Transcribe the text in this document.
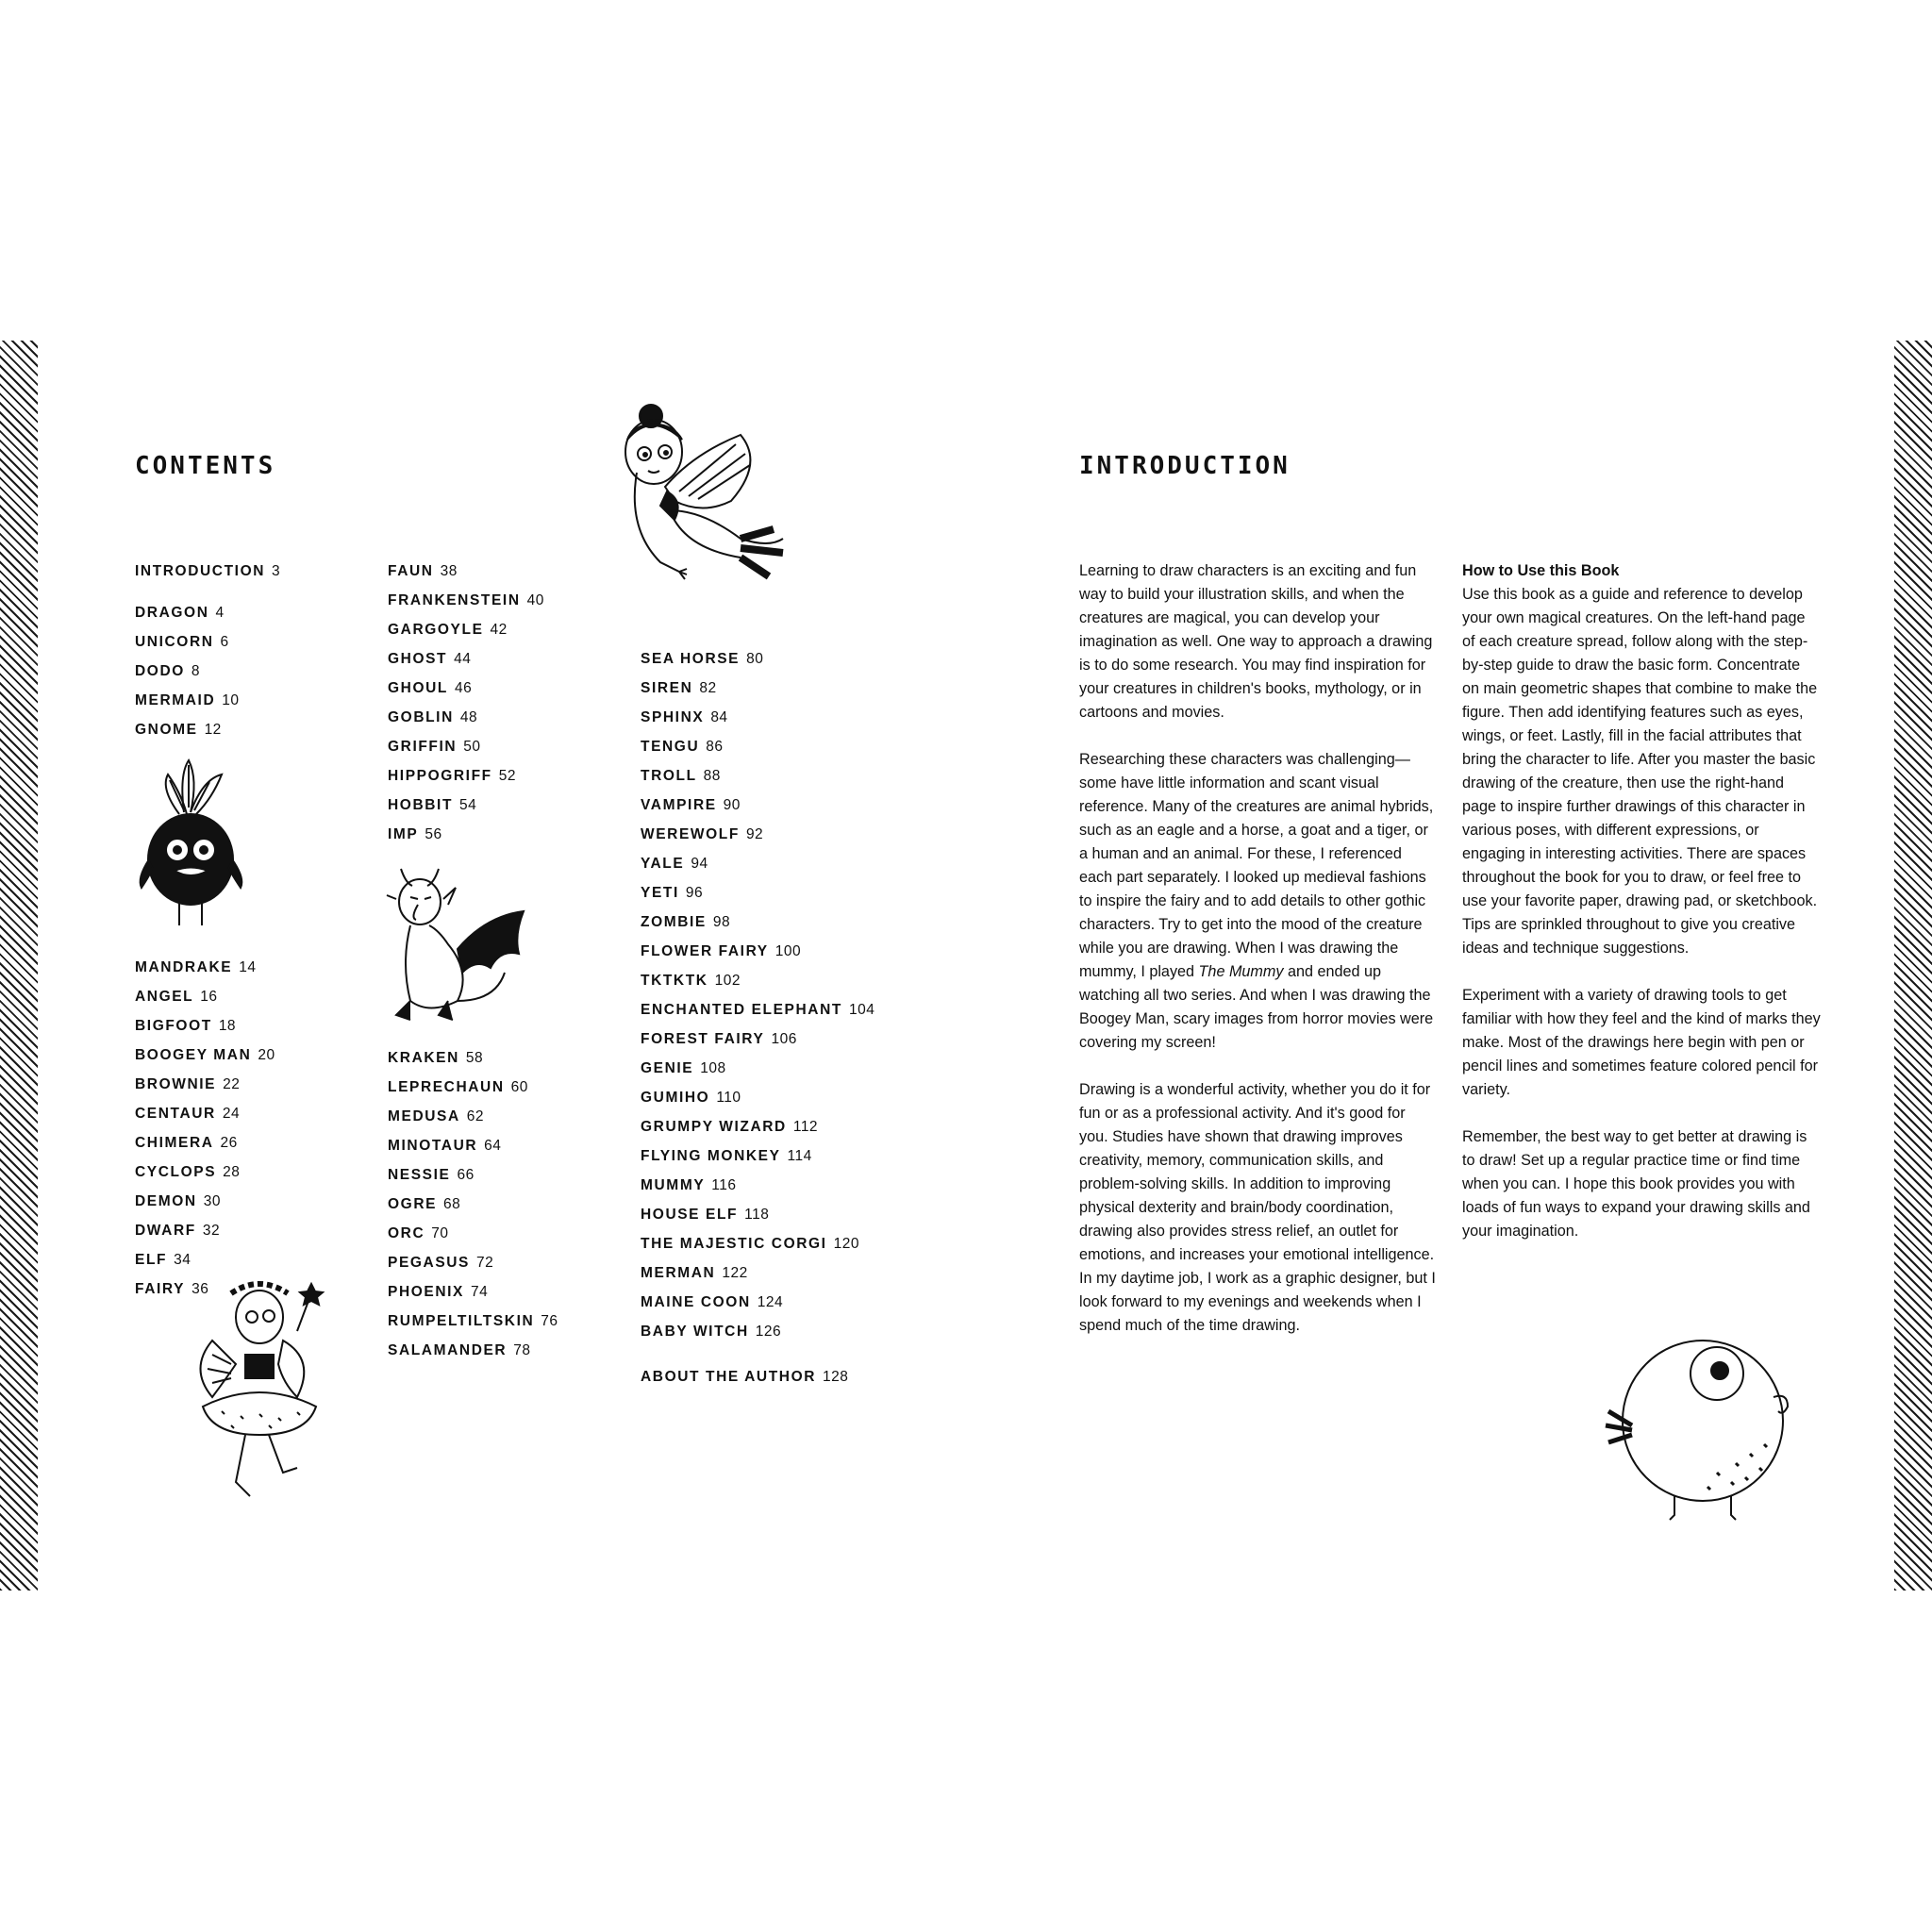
CONTENTS
INTRODUCTION 3
DRAGON 4
UNICORN 6
DODO 8
MERMAID 10
GNOME 12
MANDRAKE 14
ANGEL 16
BIGFOOT 18
BOOGEY MAN 20
BROWNIE 22
CENTAUR 24
CHIMERA 26
CYCLOPS 28
DEMON 30
DWARF 32
ELF 34
FAIRY 36
FAUN 38
FRANKENSTEIN 40
GARGOYLE 42
GHOST 44
GHOUL 46
GOBLIN 48
GRIFFIN 50
HIPPOGRIFF 52
HOBBIT 54
IMP 56
KRAKEN 58
LEPRECHAUN 60
MEDUSA 62
MINOTAUR 64
NESSIE 66
OGRE 68
ORC 70
PEGASUS 72
PHOENIX 74
RUMPELTILTSKIN 76
SALAMANDER 78
SEA HORSE 80
SIREN 82
SPHINX 84
TENGU 86
TROLL 88
VAMPIRE 90
WEREWOLF 92
YALE 94
YETI 96
ZOMBIE 98
FLOWER FAIRY 100
TKTKTK 102
ENCHANTED ELEPHANT 104
FOREST FAIRY 106
GENIE 108
GUMIHO 110
GRUMPY WIZARD 112
FLYING MONKEY 114
MUMMY 116
HOUSE ELF 118
THE MAJESTIC CORGI 120
MERMAN 122
MAINE COON 124
BABY WITCH 126
ABOUT THE AUTHOR 128
INTRODUCTION

Learning to draw characters is an exciting and fun way to build your illustration skills, and when the creatures are magical, you can develop your imagination as well. One way to approach a drawing is to do some research. You may find inspiration for your creatures in children's books, mythology, or in cartoons and movies.

Researching these characters was challenging—some have little information and scant visual reference. Many of the creatures are animal hybrids, such as an eagle and a horse, a goat and a tiger, or a human and an animal. For these, I referenced each part separately. I looked up medieval fashions to inspire the fairy and to add details to other gothic characters. Try to get into the mood of the creature while you are drawing. When I was drawing the mummy, I played The Mummy and ended up watching all two series. And when I was drawing the Boogey Man, scary images from horror movies were covering my screen!

Drawing is a wonderful activity, whether you do it for fun or as a professional activity. And it's good for you. Studies have shown that drawing improves creativity, memory, communication skills, and problem-solving skills. In addition to improving physical dexterity and brain/body coordination, drawing also provides stress relief, an outlet for emotions, and increases your emotional intelligence. In my daytime job, I work as a graphic designer, but I look forward to my evenings and weekends when I spend much of the time drawing.

How to Use this Book

Use this book as a guide and reference to develop your own magical creatures. On the left-hand page of each creature spread, follow along with the step-by-step guide to draw the basic form. Concentrate on main geometric shapes that combine to make the figure. Then add identifying features such as eyes, wings, or feet. Lastly, fill in the facial attributes that bring the character to life. After you master the basic drawing of the creature, then use the right-hand page to inspire further drawings of this character in various poses, with different expressions, or engaging in interesting activities. There are spaces throughout the book for you to draw, or feel free to use your favorite paper, drawing pad, or sketchbook. Tips are sprinkled throughout to give you creative ideas and technique suggestions.

Experiment with a variety of drawing tools to get familiar with how they feel and the kind of marks they make. Most of the drawings here begin with pen or pencil lines and sometimes feature colored pencil for variety.

Remember, the best way to get better at drawing is to draw! Set up a regular practice time or find time when you can. I hope this book provides you with loads of fun ways to expand your drawing skills and your imagination.
